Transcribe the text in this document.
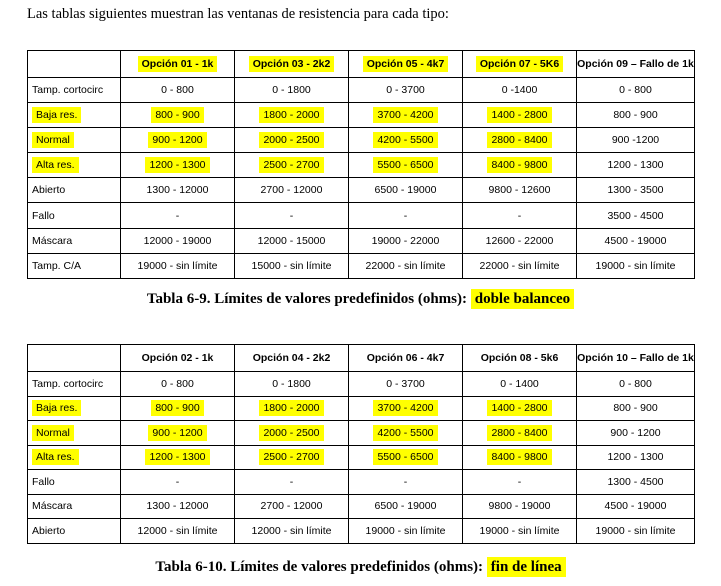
Las tablas siguientes muestran las ventanas de resistencia para cada tipo:
	Opción 01 - 1k	Opción 03 - 2k2	Opción 05 - 4k7	Opción 07 - 5K6	Opción 09 – Fallo de 1k
Tamp. cortocirc	0 - 800	0 - 1800	0 - 3700	0 -1400	0 - 800
Baja res.	800 - 900	1800 - 2000	3700 - 4200	1400 - 2800	800 - 900
Normal	900 - 1200	2000 - 2500	4200 - 5500	2800 - 8400	900 -1200
Alta res.	1200 - 1300	2500 - 2700	5500 - 6500	8400 - 9800	1200 - 1300
Abierto	1300 - 12000	2700 - 12000	6500 - 19000	9800 - 12600	1300 - 3500
Fallo	-	-	-	-	3500 - 4500
Máscara	12000 - 19000	12000 - 15000	19000 - 22000	12600 - 22000	4500 - 19000
Tamp. C/A	19000 - sin límite	15000 - sin límite	22000 - sin límite	22000 - sin límite	19000 - sin límite
Tabla 6-9. Límites de valores predefinidos (ohms): doble balanceo
	Opción 02 - 1k	Opción 04 - 2k2	Opción 06 - 4k7	Opción 08 - 5k6	Opción 10 – Fallo de 1k
Tamp. cortocirc	0 - 800	0 - 1800	0 - 3700	0 - 1400	0 - 800
Baja res.	800 - 900	1800 - 2000	3700 - 4200	1400 - 2800	800 - 900
Normal	900 - 1200	2000 - 2500	4200 - 5500	2800 - 8400	900 - 1200
Alta res.	1200 - 1300	2500 - 2700	5500 - 6500	8400 - 9800	1200 - 1300
Fallo	-	-	-	-	1300 - 4500
Máscara	1300 - 12000	2700 - 12000	6500 - 19000	9800 - 19000	4500 - 19000
Abierto	12000 - sin límite	12000 - sin límite	19000 - sin límite	19000 - sin límite	19000 - sin límite
Tabla 6-10. Límites de valores predefinidos (ohms): fin de línea
